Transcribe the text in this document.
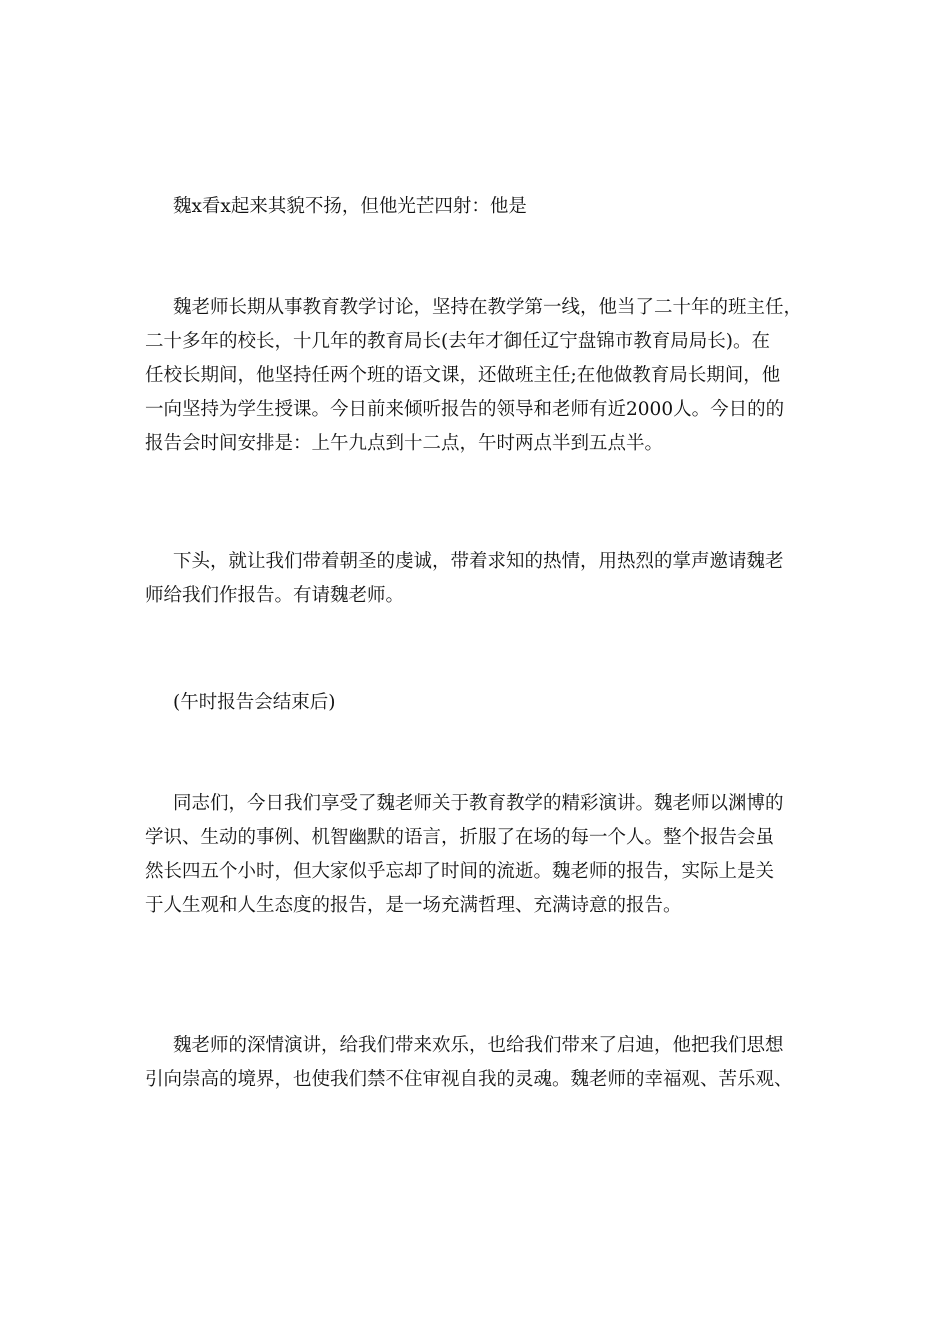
魏x看x起来其貌不扬，但他光芒四射：他是
魏老师长期从事教育教学讨论，坚持在教学第一线，他当了二十年的班主任，
二十多年的校长，十几年的教育局长(去年才御任辽宁盘锦市教育局局长)。在
任校长期间，他坚持任两个班的语文课，还做班主任;在他做教育局长期间，他
一向坚持为学生授课。今日前来倾听报告的领导和老师有近2000人。今日的的
报告会时间安排是：上午九点到十二点，午时两点半到五点半。
下头，就让我们带着朝圣的虔诚，带着求知的热情，用热烈的掌声邀请魏老
师给我们作报告。有请魏老师。
(午时报告会结束后)
同志们，今日我们享受了魏老师关于教育教学的精彩演讲。魏老师以渊博的
学识、生动的事例、机智幽默的语言，折服了在场的每一个人。整个报告会虽
然长四五个小时，但大家似乎忘却了时间的流逝。魏老师的报告，实际上是关
于人生观和人生态度的报告，是一场充满哲理、充满诗意的报告。
魏老师的深情演讲，给我们带来欢乐，也给我们带来了启迪，他把我们思想
引向崇高的境界，也使我们禁不住审视自我的灵魂。魏老师的幸福观、苦乐观、
